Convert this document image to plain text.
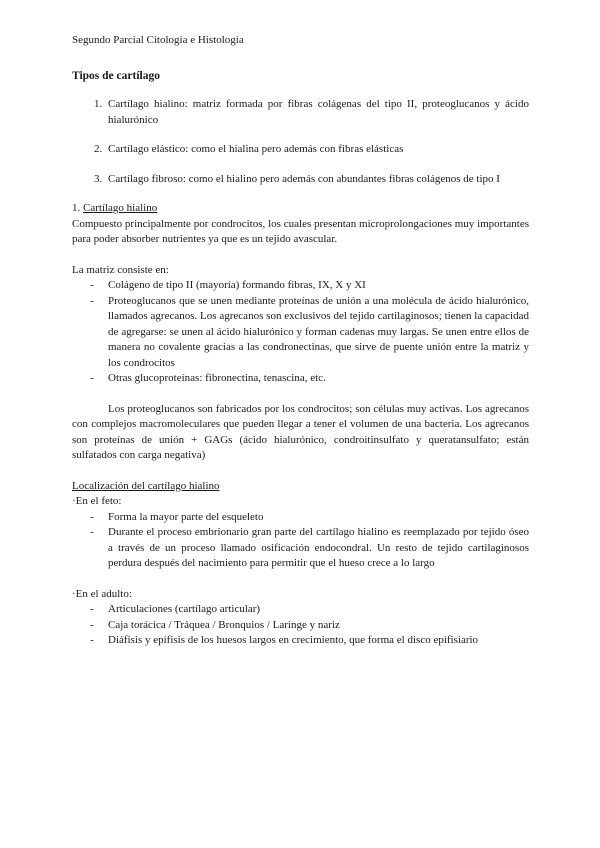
Segundo Parcial Citología e Histología
Tipos de cartílago
1. Cartílago hialino: matriz formada por fibras colágenas del tipo II, proteoglucanos y ácido hialurónico
2. Cartílago elástico: como el hialina pero además con fibras elásticas
3. Cartílago fibroso: como el hialino pero además con abundantes fibras colágenos de tipo I
1. Cartílago hialino

Compuesto principalmente por condrocitos, los cuales presentan microprolongaciones muy importantes para poder absorber nutrientes ya que es un tejido avascular.

La matriz consiste en:

-	Colágeno de tipo II (mayoría) formando fibras, IX, X y XI
-	Proteoglucanos que se unen mediante proteínas de unión a una molécula de ácido hialurónico, llamados agrecanos. Los agrecanos son exclusivos del tejido cartilaginosos; tienen la capacidad de agregarse: se unen al ácido hialurónico y forman cadenas muy largas. Se unen entre ellos de manera no covalente gracias a las condronectinas, que sirve de puente unión entre la matriz y los condrocitos
-	Otras glucoproteínas: fibronectina, tenascina, etc.

Los proteoglucanos son fabricados por los condrocitos; son células muy activas. Los agrecanos con complejos macromoleculares que pueden llegar a tener el volumen de una bacteria. Los agrecanos son proteínas de unión + GAGs (ácido hialurónico, condroitinsulfato y queratansulfato; están sulfatados con carga negativa)

Localización del cartílago hialino
·En el feto:
-	Forma la mayor parte del esqueleto
-	Durante el proceso embrionario gran parte del cartílago hialino es reemplazado por tejido óseo a través de un proceso llamado osificación endocondral. Un resto de tejido cartilaginosos perdura después del nacimiento para permitir que el hueso crece a lo largo
·En el adulto:
-	Articulaciones (cartílago articular)
-	Caja torácica / Tráquea / Bronquios / Laringe y nariz
-	Diáfisis y epífisis de los huesos largos en crecimiento, que forma el disco epifisiario
